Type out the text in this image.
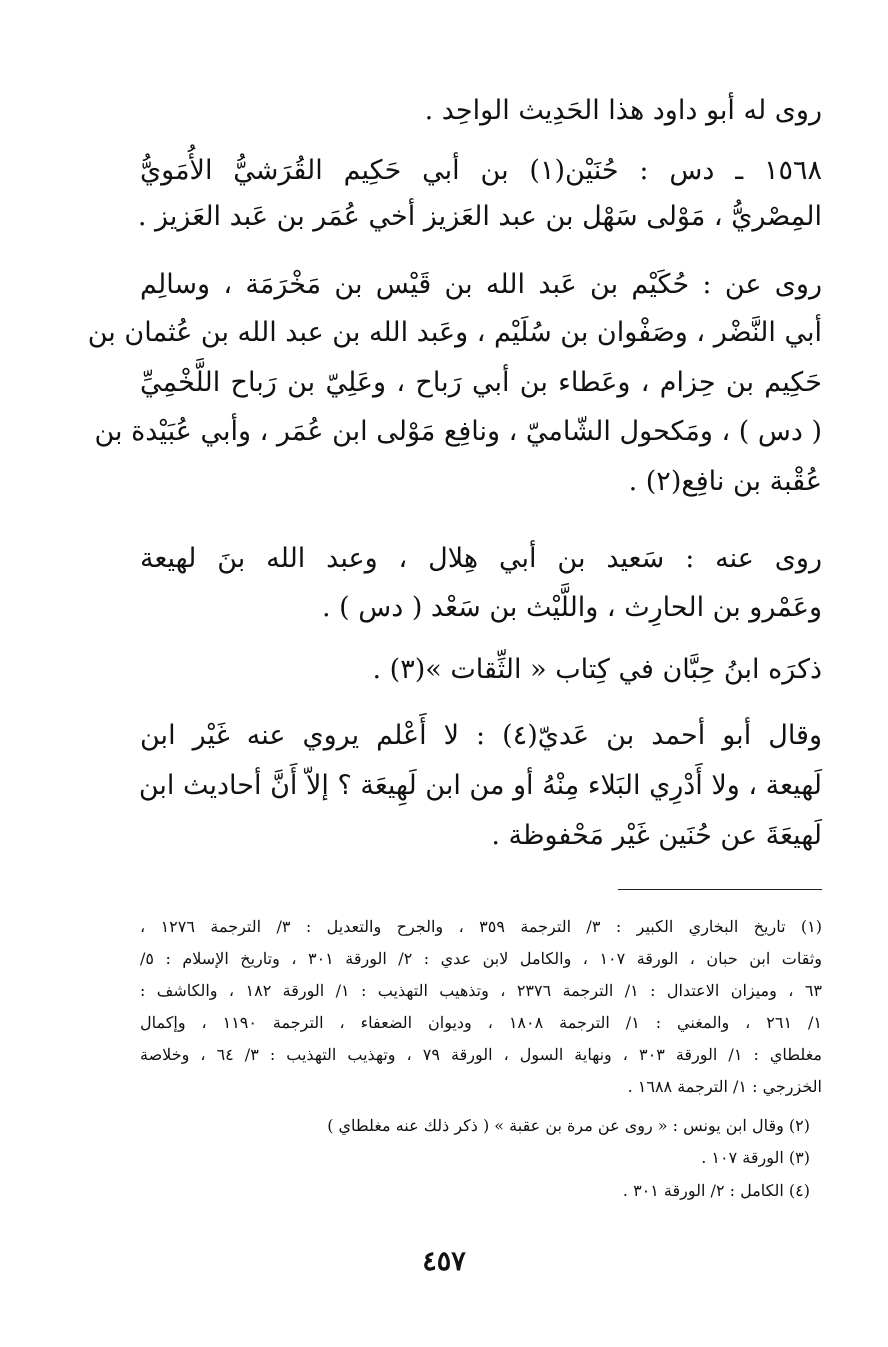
روى له أبو داود هذا الحَدِيث الواحِد .
١٥٦٨ ـ دس : حُنَيْن(١) بن أبي حَكِيم القُرَشيُّ الأُمَويُّ
المِصْريُّ ، مَوْلى سَهْل بن عبد العَزيز أخي عُمَر بن عَبد العَزيز .
روى عن : حُكَيْم بن عَبد الله بن قَيْس بن مَخْرَمَة ، وسالِم
أبي النَّضْر ، وصَفْوان بن سُلَيْم ، وعَبد الله بن عبد الله بن عُثمان بن
حَكِيم بن حِزام ، وعَطاء بن أبي رَباح ، وعَلِيّ بن رَباح اللَّخْمِيِّ
( دس ) ، ومَكحول الشّاميّ ، ونافِع مَوْلى ابن عُمَر ، وأبي عُبَيْدة بن
عُقْبة بن نافِع(٢) .
روى عنه : سَعيد بن أبي هِلال ، وعبد الله بنَ لهيعة
وعَمْرو بن الحارِث ، واللَّيْث بن سَعْد ( دس ) .
ذكرَه ابنُ حِبَّان في كِتاب « الثِّقات »(٣) .
وقال أبو أحمد بن عَديّ(٤) : لا أَعْلم يروي عنه غَيْر ابن
لَهيعة ، ولا أَدْرِي البَلاء مِنْهُ أو من ابن لَهِيعَة ؟ إلاّ أَنَّ أحاديث ابن
لَهيعَةَ عن حُنَين غَيْر مَحْفوظة .
(١) تاريخ البخاري الكبير : ٣/ الترجمة ٣٥٩ ، والجرح والتعديل : ٣/ الترجمة ١٢٧٦ ،
وثقات ابن حبان ، الورقة ١٠٧ ، والكامل لابن عدي : ٢/ الورقة ٣٠١ ، وتاريخ الإسلام : ٥/
٦٣ ، وميزان الاعتدال : ١/ الترجمة ٢٣٧٦ ، وتذهيب التهذيب : ١/ الورقة ١٨٢ ، والكاشف :
١/ ٢٦١ ، والمغني : ١/ الترجمة ١٨٠٨ ، وديوان الضعفاء ، الترجمة ١١٩٠ ، وإكمال
مغلطاي : ١/ الورقة ٣٠٣ ، ونهاية السول ، الورقة ٧٩ ، وتهذيب التهذيب : ٣/ ٦٤ ، وخلاصة
الخزرجي : ١/ الترجمة ١٦٨٨ .
(٢) وقال ابن يونس : « روى عن مرة بن عقبة » ( ذكر ذلك عنه مغلطاي )
(٣) الورقة ١٠٧ .
(٤) الكامل : ٢/ الورقة ٣٠١ .
٤٥٧
